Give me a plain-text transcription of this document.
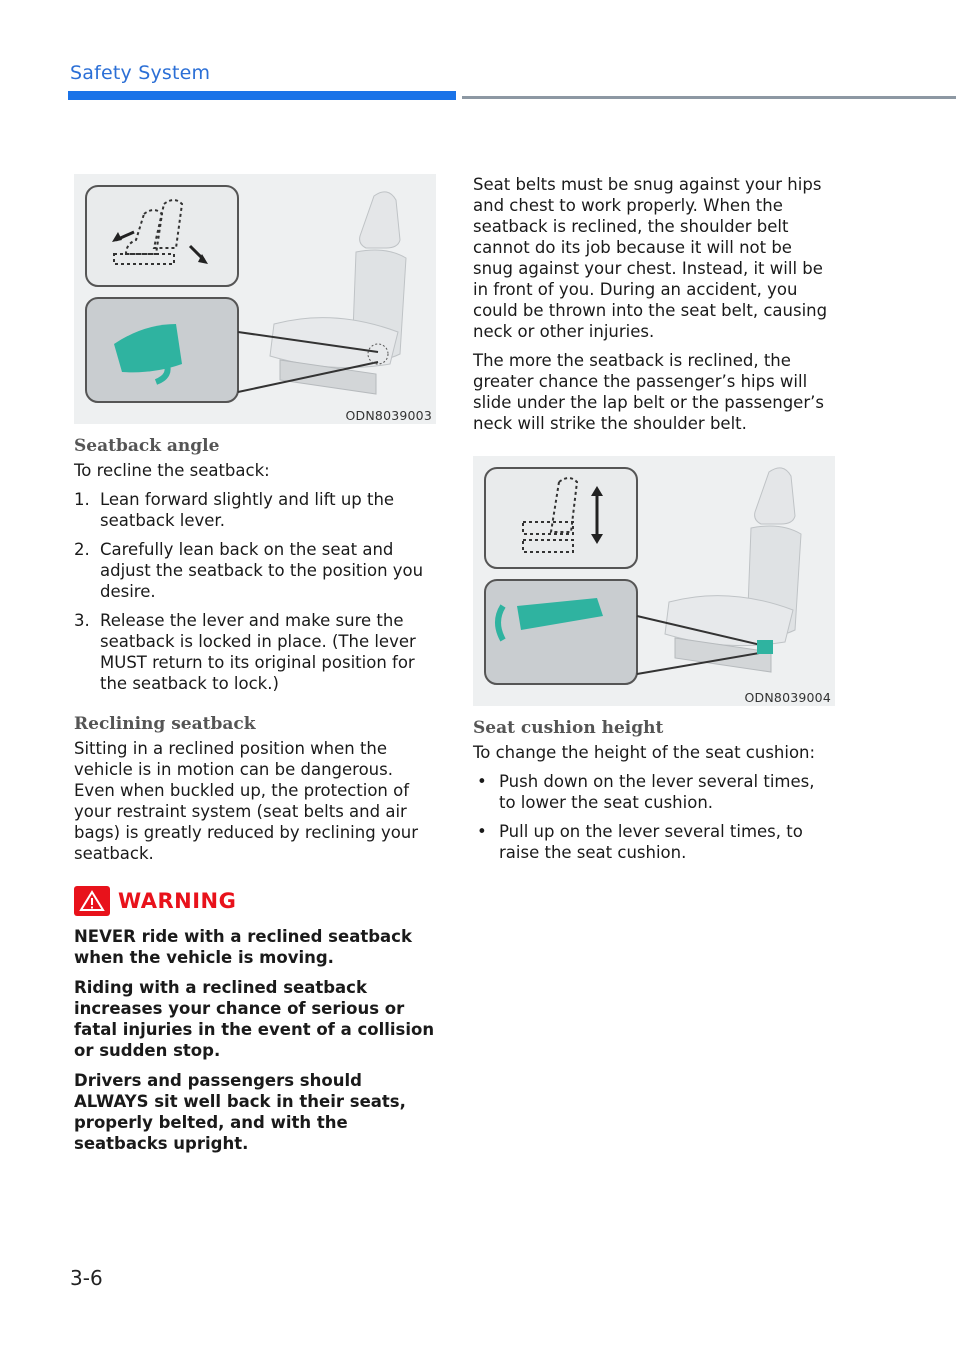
Safety System
ODN8039003
Seatback angle

To recline the seatback:

1. Lean forward slightly and lift up the seatback lever.
2. Carefully lean back on the seat and adjust the seatback to the position you desire.
3. Release the lever and make sure the seatback is locked in place. (The lever MUST return to its original position for the seatback to lock.)
Reclining seatback

Sitting in a reclined position when the vehicle is in motion can be dangerous. Even when buckled up, the protection of your restraint system (seat belts and air bags) is greatly reduced by reclining your seatback.

WARNING

NEVER ride with a reclined seatback when the vehicle is moving.

Riding with a reclined seatback increases your chance of serious or fatal injuries in the event of a collision or sudden stop.

Drivers and passengers should ALWAYS sit well back in their seats, properly belted, and with the seatbacks upright.

Seat belts must be snug against your hips and chest to work properly. When the seatback is reclined, the shoulder belt cannot do its job because it will not be snug against your chest. Instead, it will be in front of you. During an accident, you could be thrown into the seat belt, causing neck or other injuries.

The more the seatback is reclined, the greater chance the passenger’s hips will slide under the lap belt or the passenger’s neck will strike the shoulder belt.

ODN8039004
Seat cushion height

To change the height of the seat cushion:

• Push down on the lever several times, to lower the seat cushion.
• Pull up on the lever several times, to raise the seat cushion.
3-6
